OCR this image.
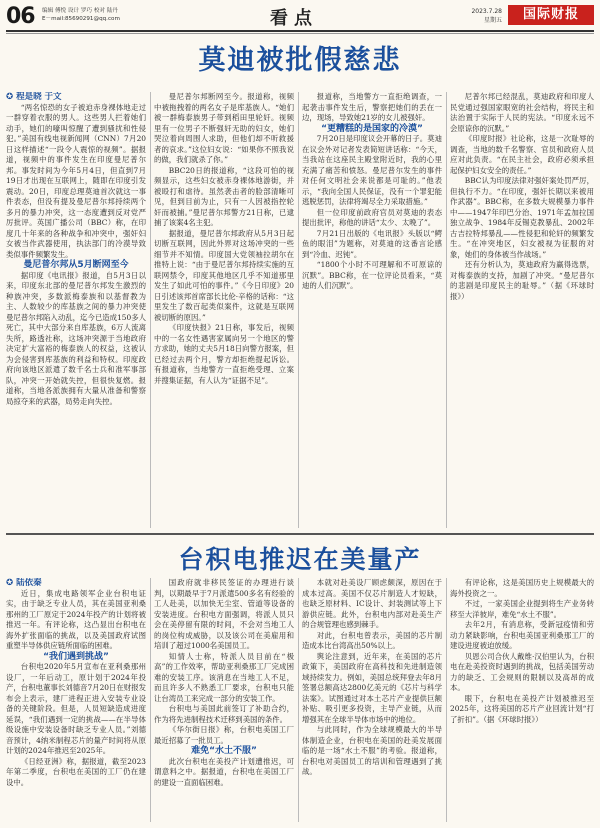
06 编辑 傅悦 设计 罗巧 校对 陆丹
E－mail:85690291@qq.com	看点	2023.7.28
星期五	国际财报
莫迪被批假慈悲

✪ 程是晓 于文

“两名惊恐的女子被迫赤身裸体地走过一群穿着衣服的男人。这些男人拦着她们动手，她们的嚎叫惊醒了遭到骚扰和性侵犯。”美国有线电视新闻网（CNN）7月20日这样描述“一段令人震惊的视频”。据报道，视频中的事件发生在印度曼尼普尔邦。事发时间为今年5月4日，但直到7月19日才出现在互联网上，随即在印度引发震动。20日，印度总理莫迪首次就这一事件表态，但没有提及曼尼普尔邦持续两个多月的暴力冲突，这一态度遭到反对党严厉批评。英国广播公司（BBC）称，在印度几十年来的各种战争和冲突中，强奸妇女被当作武器使用，执法部门的冷漠导致类似事件频繁发生。

曼尼普尔邦从5月断网至今

据印度《电讯报》报道，自5月3日以来，印度东北部的曼尼普尔邦发生激烈的种族冲突，多数派梅泰族和以基督教为主、人数较少的库基族之间的暴力冲突使曼尼普尔邦陷入动乱，迄今已造成150多人死亡，其中大部分来自库基族，6万人流离失所，路透社称，这场冲突源于当地政府决定扩大富裕的梅泰族人的权益，这被认为会侵害到库基族的利益和特权。印度政府向该地区派遣了数千名士兵和准军事部队，冲突一开始就失控，但很快复燃。报道称，当地各派族拥有大量从准备和警察局掠夺来的武器，局势走向失控。

曼尼普尔邦断网至今。报道称，视频中被拖拽着的两名女子是库基族人。“她们被一群梅泰族男子带到稻田里轮奸。视频里有一位男子不断强奸无助的妇女，她们哭泣着向周围人求助，但他们却不听救援者的哀求。”这位妇女说：“如果你不照我说的做，我们就杀了你。”

BBC20日的报道称，“这段可怕的视频显示，这些妇女被赤身裸体地游街，并被殴打和虐待。虽然袭击者的脸部清晰可见，但到目前为止，只有一人因被指控轮奸而被捕。”曼尼普尔邦警方21日称，已逮捕了该案4名主犯。

据报道，曼尼普尔邦政府从5月3日起切断互联网，因此外界对这场冲突的一些细节并不知情。印度国大党领袖拉胡尔在推特上说：“由于曼尼普尔邦持续实施的互联网禁令，印度其他地区几乎不知道那里发生了如此可怕的事件。”《今日印度》20日引述该邦首席部长比伦·辛格的话称：“这里发生了数百起类似案件，这就是互联网被切断的原因。”

《印度快报》21日称，事发后，视频中的一名女性遇害家属向另一个地区的警方求助，她的丈夫5月18日向警方报案，但已经过去两个月，警方却拒绝提起诉讼。有报道称，当地警方一直拒绝受理、立案并搜集证据，有人认为“证据不足”。

报道称，当地警方一直拒绝调查，一起袭击事件发生后，警察把她们的丢在一边，现场，导致她21岁的女儿被强奸。

“更糟糕的是国家的冷漠”

7月20日是印度议会开幕的日子。莫迪在议会外对记者发表简短讲话称：“今天，当我站在这座民主殿堂附近时，我的心里充满了痛苦和愤怒。曼尼普尔发生的事件对任何文明社会来说都是可耻的。”他表示，“我向全国人民保证，没有一个罪犯能逃脱惩罚，法律将竭尽全力采取措施。”

但一位印度前政府官员对莫迪的表态提出批评，称他的讲话“太少、太晚了”。

7月21日出版的《电讯报》头版以“鳄鱼的眼泪”为题称，对莫迪的这番言论感到“冷血、迟钝”。

“1800个小时不可理解和不可原谅的沉默”。BBC称，在一位评论员看来，“莫迪的人们沉默”。

尼普尔邦已经混乱，莫迪政府和印度人民党通过强国家眼宽的社会结构，将民主和法治置于实际于人民的宪法。“印度永远不会原谅你的沉默。”

《印度时报》社论称，这是一次耻辱的调查，当地的数千名警察、官员和政府人员应对此负责。“在民主社会，政府必须承担起保护妇女安全的责任。”

BBC认为印度法律对强奸案处罚严厉，但执行不力。“在印度，强奸长期以来被用作武器”。BBC称，在多数大规模暴力事件中——1947年印巴分治、1971年孟加拉国独立战争、1984年反锡克教暴乱、2002年古吉拉特邦暴乱——性侵犯和轮奸的频繁发生。“在冲突地区，妇女被视为征服的对象，她们的身体被当作战场。”

还有分析认为，莫迪政府为赢得选票，对梅泰族的支持，加剧了冲突。“曼尼普尔的悲剧是印度民主的耻辱。”（据《环球时报》）

台积电推迟在美量产

✪ 陆依秦

近日，集成电路领军企业台积电证实，由于缺乏专业人员，其在美国亚利桑那州的工厂原定于2024年投产的计划将被推迟一年。有评论称，这凸显出台积电在海外扩张面临的挑战，以及美国政府试图重塑半导体供应链所面临的困难。

“我们遇到挑战”

台积电2020年5月宣布在亚利桑那州设厂，一年后动工，原计划于2024年投产，台积电董事长刘德音7月20日在财报发布会上表示，建厂进程正进入安装专业设备的关键阶段。但是，人员短缺造成进度延误，“我们遇到一定的挑战——在半导体级设施中安装设备时缺乏专业人员。”刘德音预计，4纳米制程芯片的量产时间将从原计划的2024年推迟至2025年。

《日经亚洲》称，据报道，截至2023年第二季度，台积电在美国的工厂仍在建设中。

国政府就非移民签证的办理进行谈判，以期最早于7月派遣500多名有经验的工人赴美，以加快无尘室、管道等设备的安装进度。台积电方面强调，将派人员只会在美停留有限的时间，不会对当地工人的岗位构成威胁，以及该公司在美雇用和培训了超过1000名美国员工。

知情人士称，特派人员目前在“极高”的工作效率，帮助亚利桑那工厂完成困难的安装工序。该消息在当地工人不足，而且许多人不熟悉工厂要求，台积电只能让台湾员工来完成一部分的安装工作。

台积电与美国此前签订了补助合约，作为将先进制程技术迁移到美国的条件。

《华尔街日报》称，台积电美国工厂最近招募了一批员工。

难免“水土不服”

此次台积电在美投产计划遭推迟，可谓意料之中。据报道，台积电在美国工厂的建设一直面临困难。

本就对赴美设厂顾虑颇深，原因在于成本过高。美国不仅芯片制造人才短缺，也缺乏原材料、IC设计、封装测试等上下游供应链。此外，台积电内部对赴美生产的合规管理也感到棘手。

对此，台积电曾表示，美国的芯片制造成本比台湾高出50%以上。

舆论注意到，近年来，在美国的芯片政策下，美国政府在高科技和先进制造领域持续发力。例如，美国总统拜登去年8月签署总额高达2800亿美元的《芯片与科学法案》。试图通过对本土芯片产业提供巨额补贴、吸引更多投资，主导产业链，从而增强其在全球半导体市场中的地位。

与此同时，作为全球规模最大的半导体制造企业，台积电在美国的赴美发展面临的是一场“水土不服”的考验。报道称，台积电对美国员工的培训和管理遇到了挑战。

有评论称，这是美国历史上规模最大的海外投资之一。

不过，一家美国企业提到将生产业务转移至大洋彼岸，难免“水土不服”。

去年2月，有消息称，受新冠疫情和劳动力紧缺影响，台积电美国亚利桑那工厂的建设进度被迫放缓。

贝恩公司合伙人戴维·汉伯里认为，台积电在赴美投资时遇到的挑战，包括美国劳动力的缺乏、工会规则的限制以及高昂的成本。

眼下，台积电在美投产计划被推迟至2025年，这将美国的芯片产业回流计划“打了折扣”。（据《环球时报》）
